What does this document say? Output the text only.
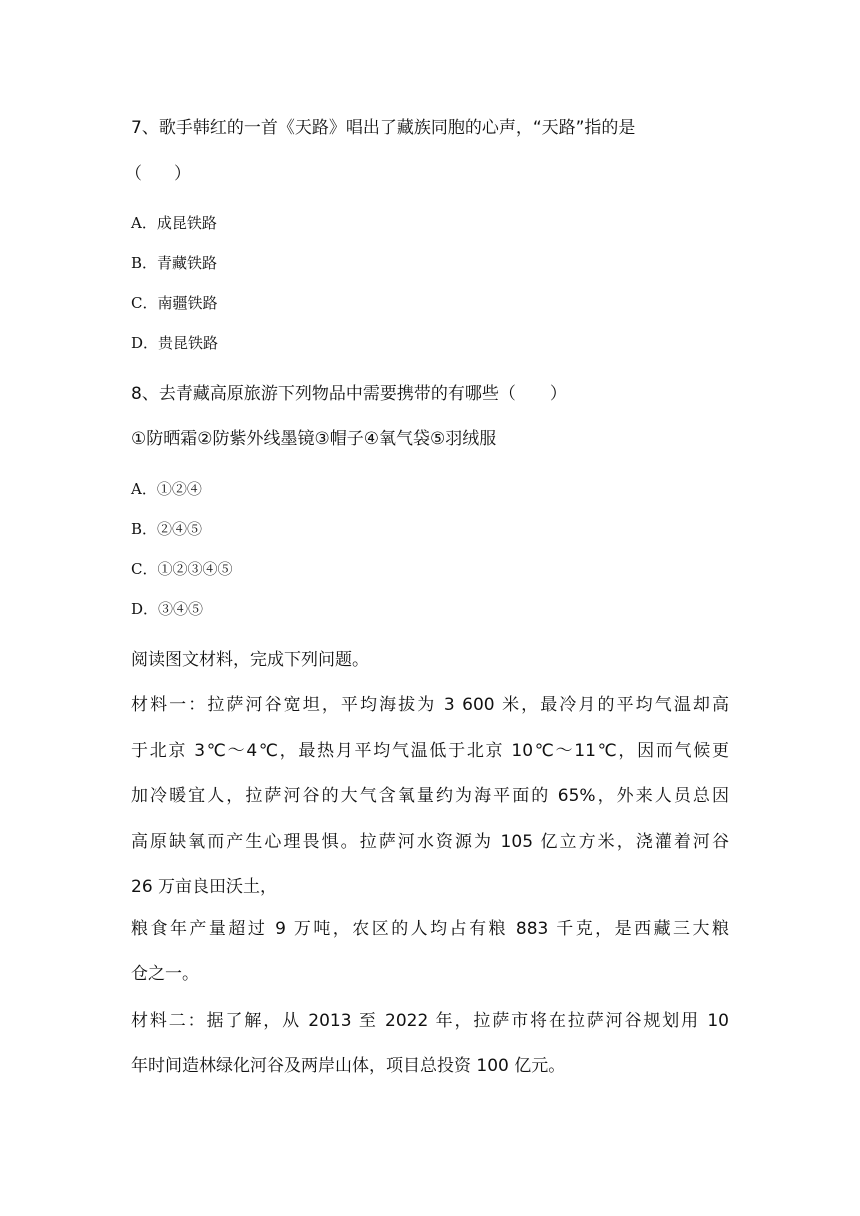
7、歌手韩红的一首《天路》唱出了藏族同胞的心声，“天路”指的是
（ ）
A．成昆铁路
B．青藏铁路
C．南疆铁路
D．贵昆铁路
8、去青藏高原旅游下列物品中需要携带的有哪些（　　）
①防晒霜②防紫外线墨镜③帽子④氧气袋⑤羽绒服
A．①②④
B．②④⑤
C．①②③④⑤
D．③④⑤
阅读图文材料，完成下列问题。
材料一：拉萨河谷宽坦，平均海拔为 3 600 米，最冷月的平均气温却高
于北京 3℃～4℃，最热月平均气温低于北京 10℃～11℃，因而气候更
加冷暖宜人，拉萨河谷的大气含氧量约为海平面的 65%，外来人员总因
高原缺氧而产生心理畏惧。拉萨河水资源为 105 亿立方米，浇灌着河谷
26 万亩良田沃土，
粮食年产量超过 9 万吨，农区的人均占有粮 883 千克，是西藏三大粮
仓之一。
材料二：据了解，从 2013 至 2022 年，拉萨市将在拉萨河谷规划用 10
年时间造林绿化河谷及两岸山体，项目总投资 100 亿元。
